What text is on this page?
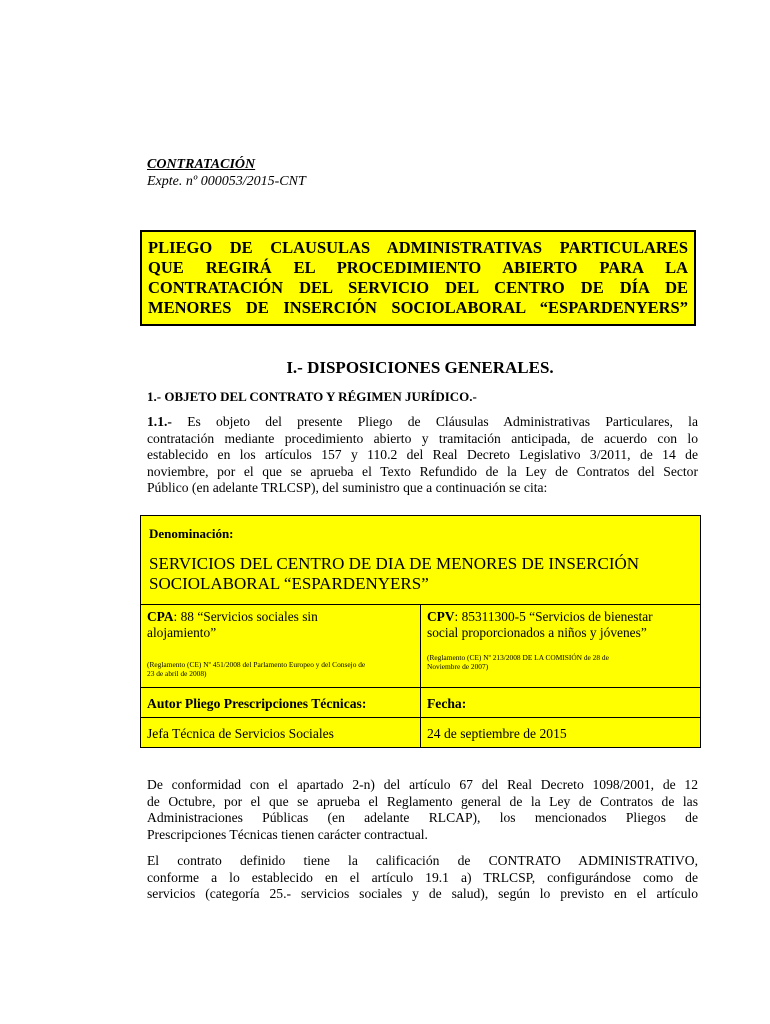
CONTRATACIÓN
Expte. nº 000053/2015-CNT
PLIEGO DE CLAUSULAS ADMINISTRATIVAS PARTICULARES
QUE REGIRÁ EL PROCEDIMIENTO ABIERTO PARA LA
CONTRATACIÓN DEL SERVICIO DEL CENTRO DE DÍA DE
MENORES DE INSERCIÓN SOCIOLABORAL “ESPARDENYERS”
I.- DISPOSICIONES GENERALES.
1.- OBJETO DEL CONTRATO Y RÉGIMEN JURÍDICO.-
1.1.- Es objeto del presente Pliego de Cláusulas Administrativas Particulares, la
contratación mediante procedimiento abierto y tramitación anticipada, de acuerdo con lo
establecido en los artículos 157 y 110.2 del Real Decreto Legislativo 3/2011, de 14 de
noviembre, por el que se aprueba el Texto Refundido de la Ley de Contratos del Sector
Público (en adelante TRLCSP), del suministro que a continuación se cita:
Denominación:
SERVICIOS DEL CENTRO DE DIA DE MENORES DE INSERCIÓN
SOCIOLABORAL “ESPARDENYERS”
CPA: 88 “Servicios sociales sin
alojamiento”
(Reglamento (CE) Nº 451/2008 del Parlamento Europeo y del Consejo de
23 de abril de 2008)
CPV: 85311300-5 “Servicios de bienestar
social proporcionados a niños y jóvenes”
(Reglamento (CE) Nº 213/2008 DE LA COMISIÓN de 28 de
Noviembre de 2007)
Autor Pliego Prescripciones Técnicas:	Fecha:
Jefa Técnica de Servicios Sociales	24 de septiembre de 2015
De conformidad con el apartado 2-n) del artículo 67 del Real Decreto 1098/2001, de 12
de Octubre, por el que se aprueba el Reglamento general de la Ley de Contratos de las
Administraciones Públicas (en adelante RLCAP), los mencionados Pliegos de
Prescripciones Técnicas tienen carácter contractual.
El contrato definido tiene la calificación de CONTRATO ADMINISTRATIVO,
conforme a lo establecido en el artículo 19.1 a) TRLCSP, configurándose como de
servicios (categoría 25.- servicios sociales y de salud), según lo previsto en el artículo
